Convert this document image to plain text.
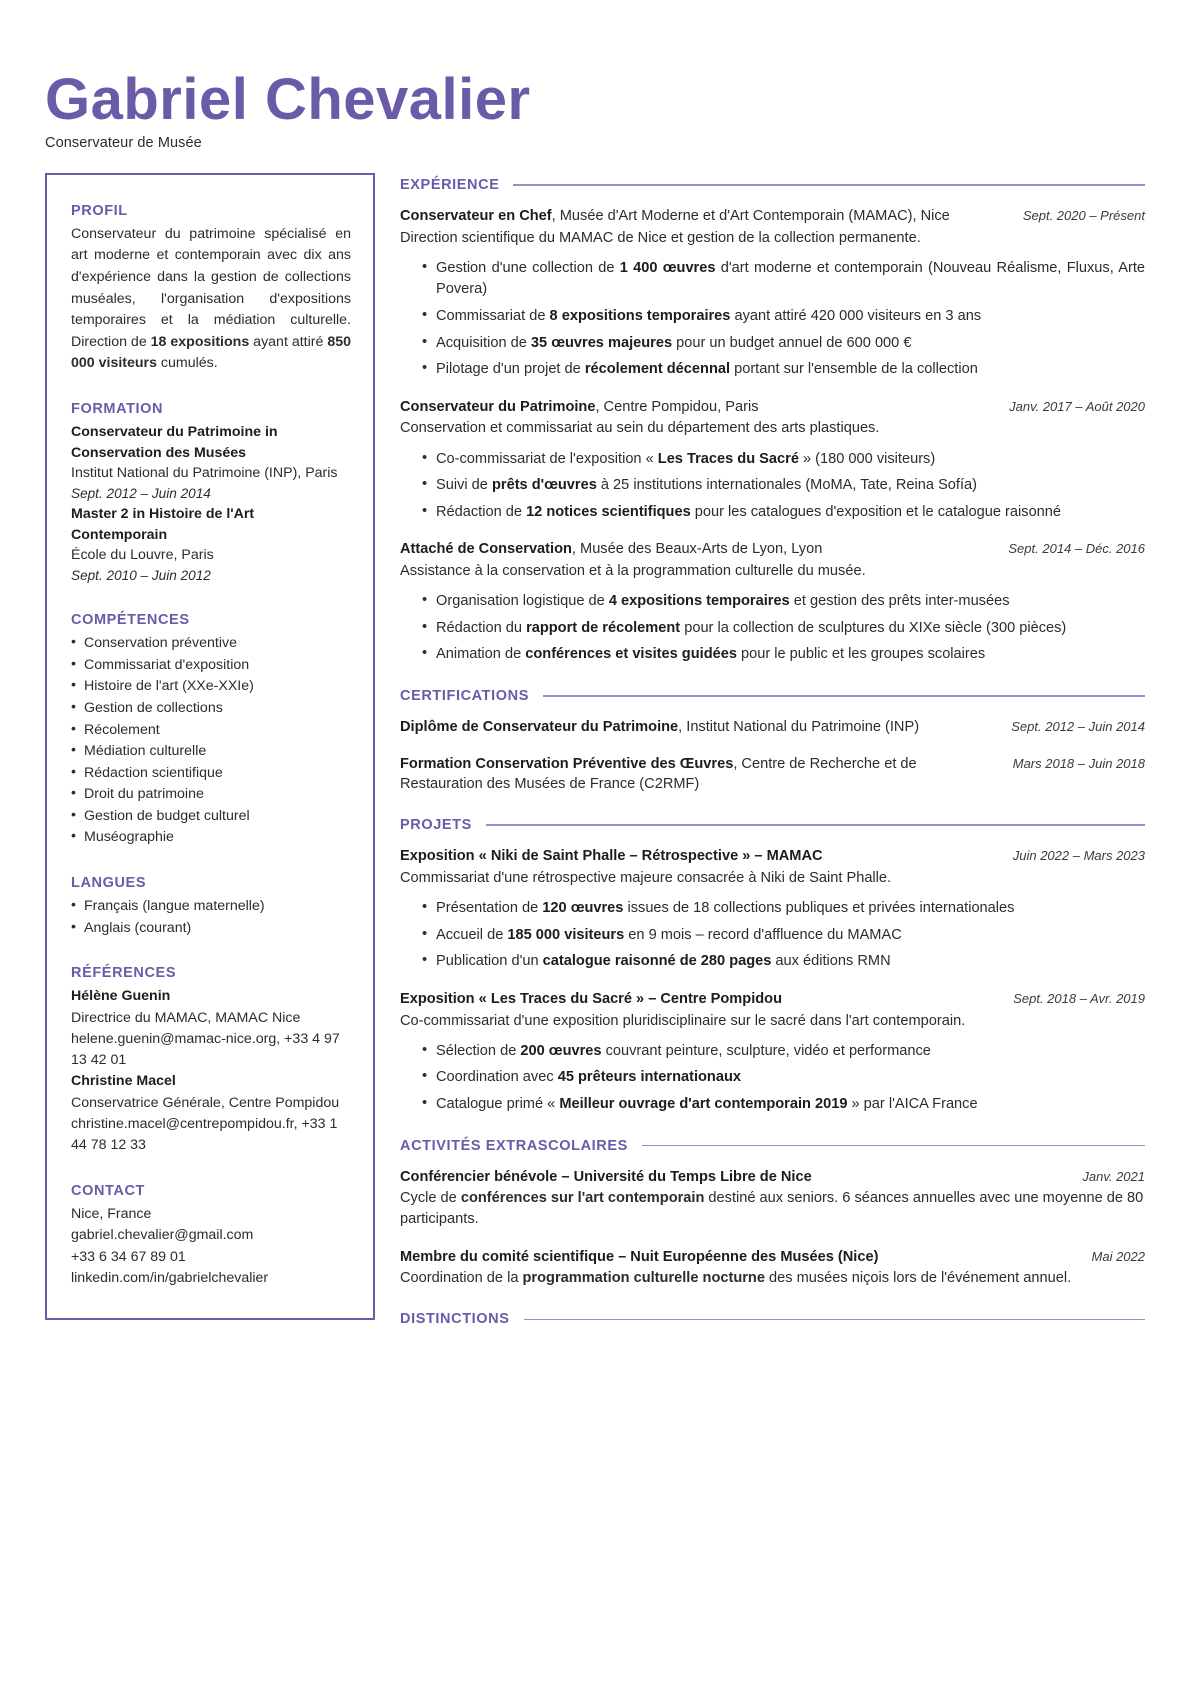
Gabriel Chevalier
Conservateur de Musée
PROFIL
Conservateur du patrimoine spécialisé en art moderne et contemporain avec dix ans d'expérience dans la gestion de collections muséales, l'organisation d'expositions temporaires et la médiation culturelle. Direction de 18 expositions ayant attiré 850 000 visiteurs cumulés.
FORMATION
Conservateur du Patrimoine in Conservation des Musées
Institut National du Patrimoine (INP), Paris
Sept. 2012 – Juin 2014
Master 2 in Histoire de l'Art Contemporain
École du Louvre, Paris
Sept. 2010 – Juin 2012
COMPÉTENCES
• Conservation préventive
• Commissariat d'exposition
• Histoire de l'art (XXe-XXIe)
• Gestion de collections
• Récolement
• Médiation culturelle
• Rédaction scientifique
• Droit du patrimoine
• Gestion de budget culturel
• Muséographie
LANGUES
• Français (langue maternelle)
• Anglais (courant)
RÉFÉRENCES
Hélène Guenin
Directrice du MAMAC, MAMAC Nice
helene.guenin@mamac-nice.org, +33 4 97 13 42 01
Christine Macel
Conservatrice Générale, Centre Pompidou
christine.macel@centrepompidou.fr, +33 1 44 78 12 33
CONTACT
Nice, France
gabriel.chevalier@gmail.com
+33 6 34 67 89 01
linkedin.com/in/gabrielchevalier
EXPÉRIENCE
Conservateur en Chef, Musée d'Art Moderne et d'Art Contemporain (MAMAC), Nice	Sept. 2020 – Présent
Direction scientifique du MAMAC de Nice et gestion de la collection permanente.
• Gestion d'une collection de 1 400 œuvres d'art moderne et contemporain (Nouveau Réalisme, Fluxus, Arte Povera)
• Commissariat de 8 expositions temporaires ayant attiré 420 000 visiteurs en 3 ans
• Acquisition de 35 œuvres majeures pour un budget annuel de 600 000 €
• Pilotage d'un projet de récolement décennal portant sur l'ensemble de la collection
Conservateur du Patrimoine, Centre Pompidou, Paris	Janv. 2017 – Août 2020
Conservation et commissariat au sein du département des arts plastiques.
• Co-commissariat de l'exposition « Les Traces du Sacré » (180 000 visiteurs)
• Suivi de prêts d'œuvres à 25 institutions internationales (MoMA, Tate, Reina Sofía)
• Rédaction de 12 notices scientifiques pour les catalogues d'exposition et le catalogue raisonné
Attaché de Conservation, Musée des Beaux-Arts de Lyon, Lyon	Sept. 2014 – Déc. 2016
Assistance à la conservation et à la programmation culturelle du musée.
• Organisation logistique de 4 expositions temporaires et gestion des prêts inter-musées
• Rédaction du rapport de récolement pour la collection de sculptures du XIXe siècle (300 pièces)
• Animation de conférences et visites guidées pour le public et les groupes scolaires
CERTIFICATIONS
Diplôme de Conservateur du Patrimoine, Institut National du Patrimoine (INP)	Sept. 2012 – Juin 2014
Formation Conservation Préventive des Œuvres, Centre de Recherche et de Restauration des Musées de France (C2RMF)
Mars 2018 – Juin 2018
PROJETS
Exposition « Niki de Saint Phalle – Rétrospective » – MAMAC	Juin 2022 – Mars 2023
Commissariat d'une rétrospective majeure consacrée à Niki de Saint Phalle.
• Présentation de 120 œuvres issues de 18 collections publiques et privées internationales
• Accueil de 185 000 visiteurs en 9 mois – record d'affluence du MAMAC
• Publication d'un catalogue raisonné de 280 pages aux éditions RMN
Exposition « Les Traces du Sacré » – Centre Pompidou	Sept. 2018 – Avr. 2019
Co-commissariat d'une exposition pluridisciplinaire sur le sacré dans l'art contemporain.
• Sélection de 200 œuvres couvrant peinture, sculpture, vidéo et performance
• Coordination avec 45 prêteurs internationaux
• Catalogue primé « Meilleur ouvrage d'art contemporain 2019 » par l'AICA France
ACTIVITÉS EXTRASCOLAIRES
Conférencier bénévole – Université du Temps Libre de Nice	Janv. 2021
Cycle de conférences sur l'art contemporain destiné aux seniors. 6 séances annuelles avec une moyenne de 80 participants.
Membre du comité scientifique – Nuit Européenne des Musées (Nice)	Mai 2022
Coordination de la programmation culturelle nocturne des musées niçois lors de l'événement annuel.
DISTINCTIONS
